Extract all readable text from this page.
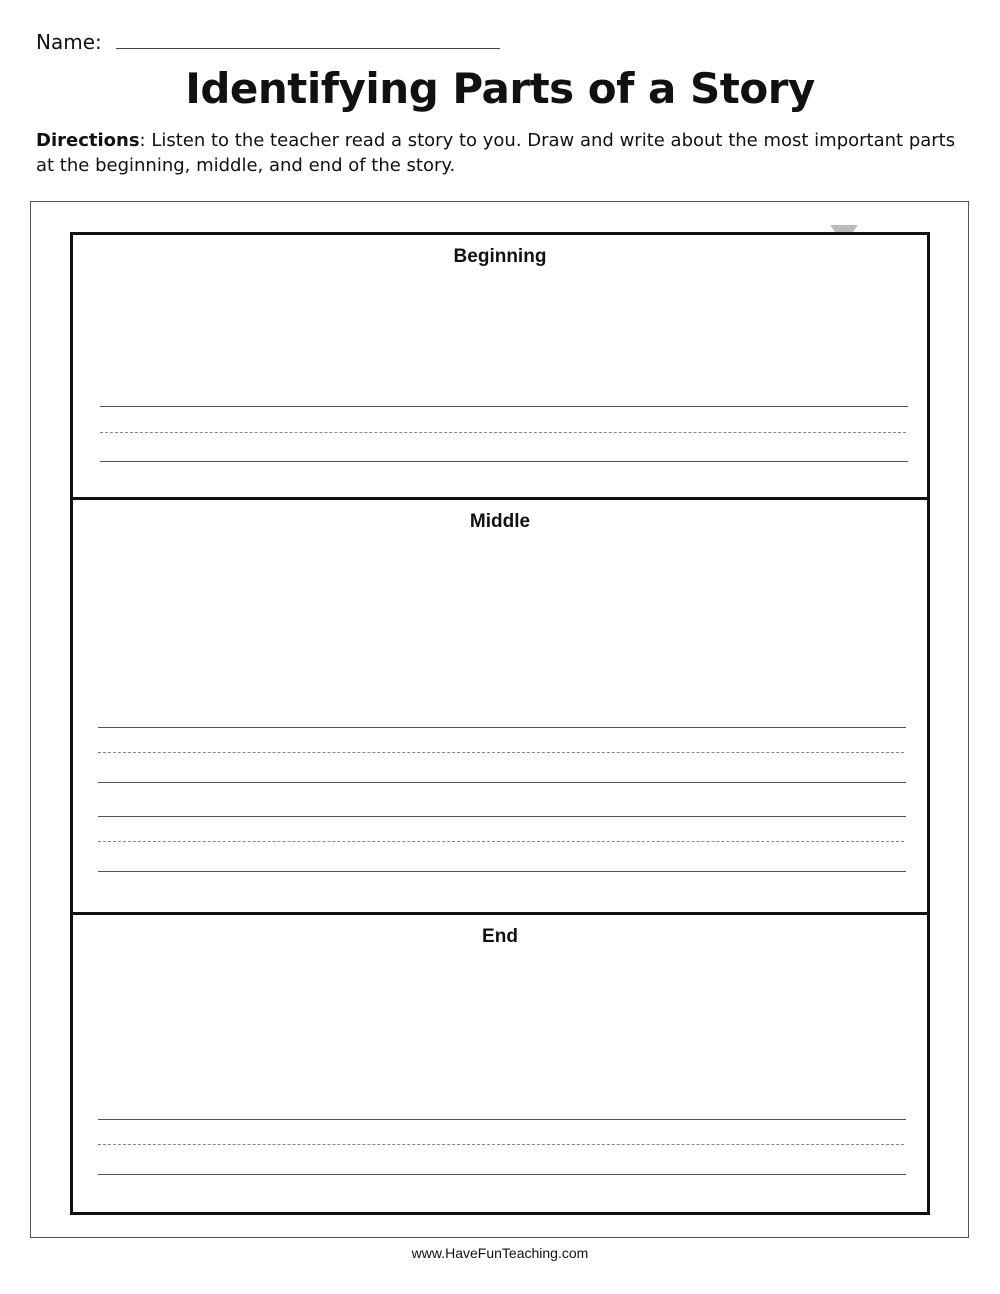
Name:
Identifying Parts of a Story
Directions: Listen to the teacher read a story to you. Draw and write about the most important parts at the beginning, middle, and end of the story.
Beginning
Middle
End
www.HaveFunTeaching.com
